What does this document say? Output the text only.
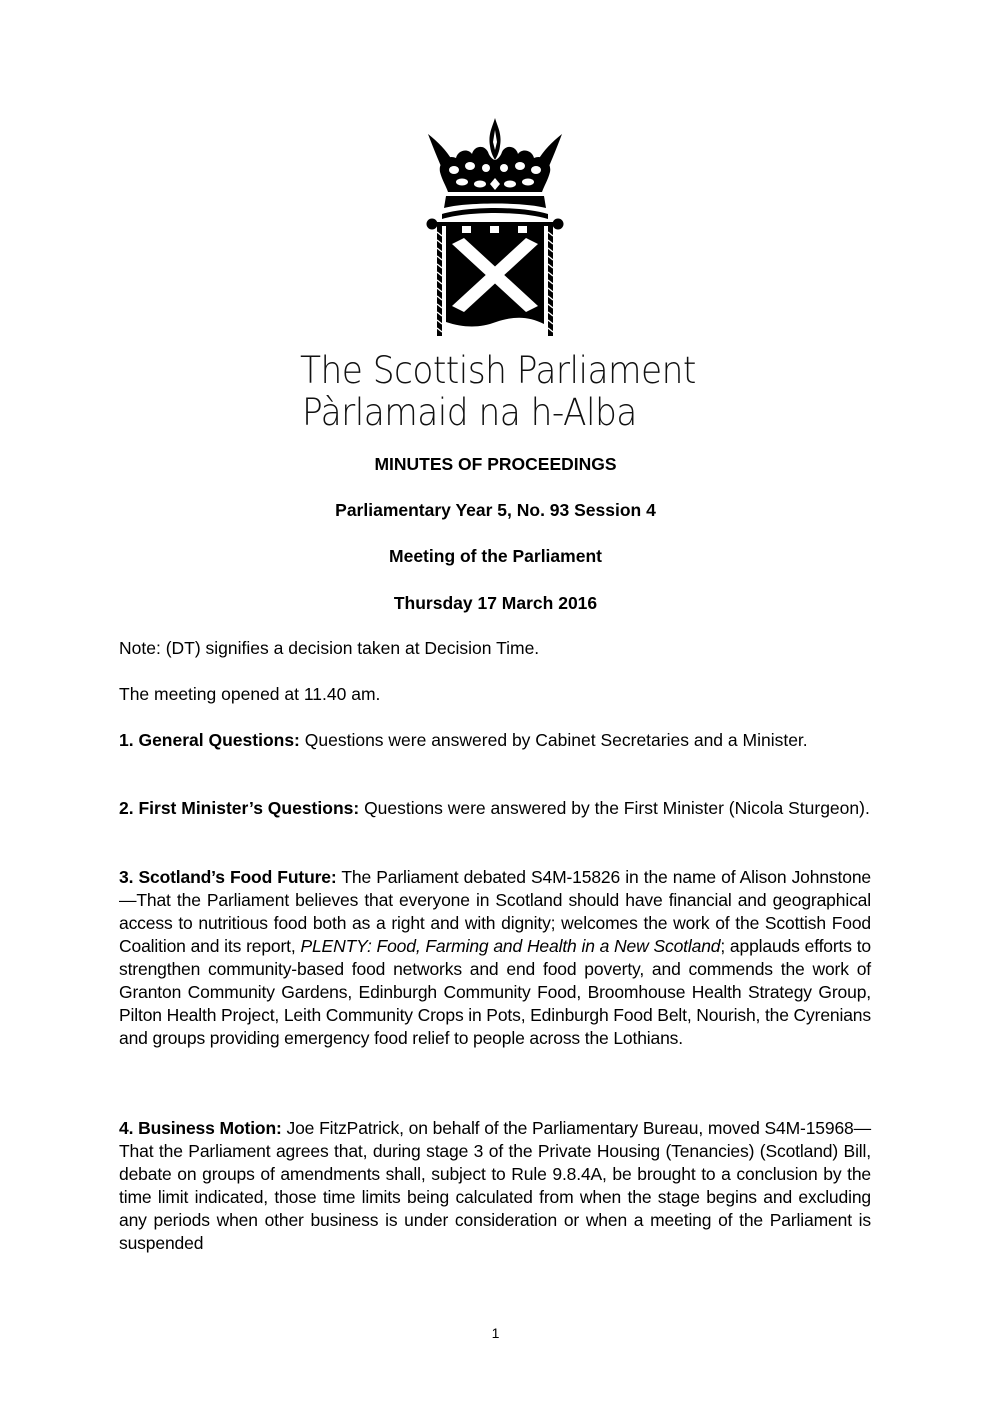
The Scottish Parliament
Pàrlamaid na h-Alba
MINUTES OF PROCEEDINGS
Parliamentary Year 5, No. 93 Session 4
Meeting of the Parliament
Thursday 17 March 2016
Note: (DT) signifies a decision taken at Decision Time.
The meeting opened at 11.40 am.
1. General Questions: Questions were answered by Cabinet Secretaries and a Minister.
2. First Minister’s Questions: Questions were answered by the First Minister (Nicola Sturgeon).
3. Scotland’s Food Future: The Parliament debated S4M-15826 in the name of Alison Johnstone—That the Parliament believes that everyone in Scotland should have financial and geographical access to nutritious food both as a right and with dignity; welcomes the work of the Scottish Food Coalition and its report, PLENTY: Food, Farming and Health in a New Scotland; applauds efforts to strengthen community-based food networks and end food poverty, and commends the work of Granton Community Gardens, Edinburgh Community Food, Broomhouse Health Strategy Group, Pilton Health Project, Leith Community Crops in Pots, Edinburgh Food Belt, Nourish, the Cyrenians and groups providing emergency food relief to people across the Lothians.
4. Business Motion: Joe FitzPatrick, on behalf of the Parliamentary Bureau, moved S4M-15968—That the Parliament agrees that, during stage 3 of the Private Housing (Tenancies) (Scotland) Bill, debate on groups of amendments shall, subject to Rule 9.8.4A, be brought to a conclusion by the time limit indicated, those time limits being calculated from when the stage begins and excluding any periods when other business is under consideration or when a meeting of the Parliament is suspended
1
